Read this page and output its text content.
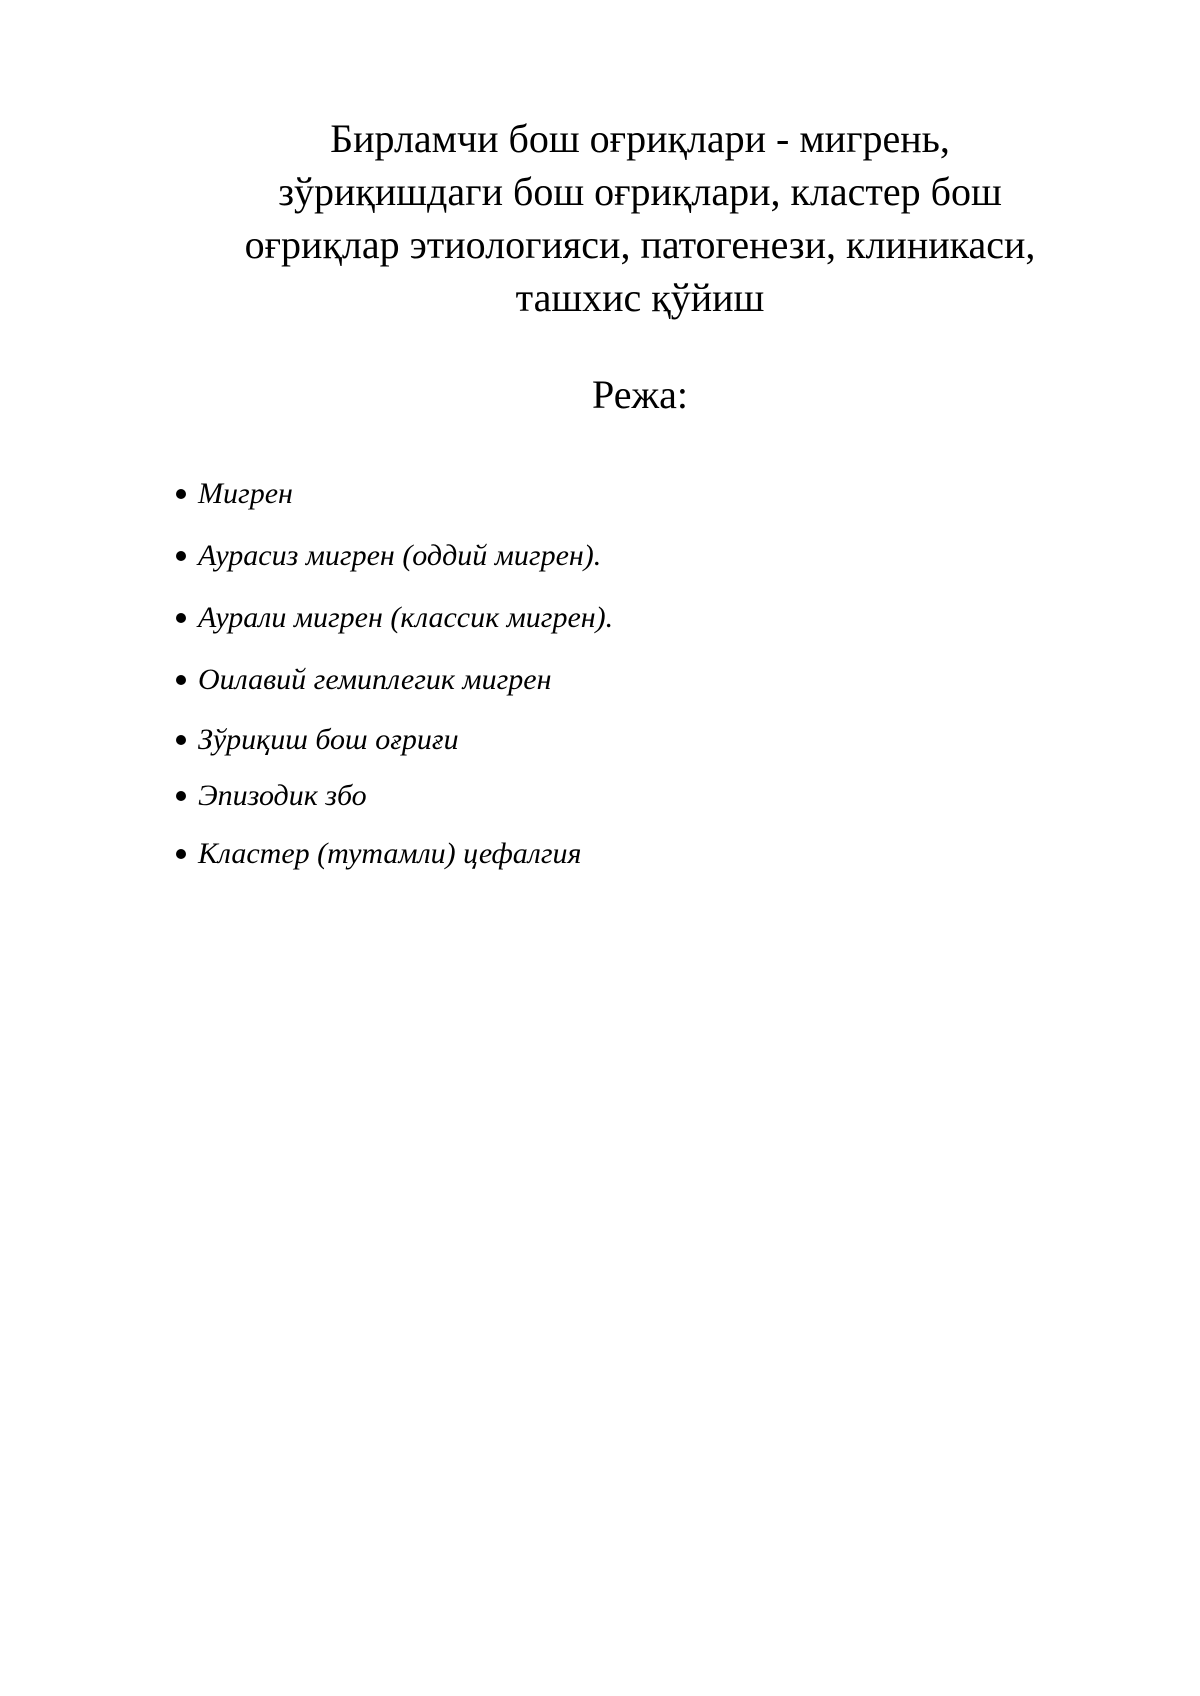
Бирламчи бош оғриқлари - мигрень,
зўриқишдаги бош оғриқлари, кластер бош
оғриқлар этиологияси, патогенези, клиникаси,
ташхис қўйиш
Режа:
Мигрен
Аурасиз мигрен (оддий мигрен).
Аурали мигрен (классик мигрен).
Оилавий гемиплегик мигрен
Зўриқиш бош оғриғи
Эпизодик збо
Кластер (тутамли) цефалгия
